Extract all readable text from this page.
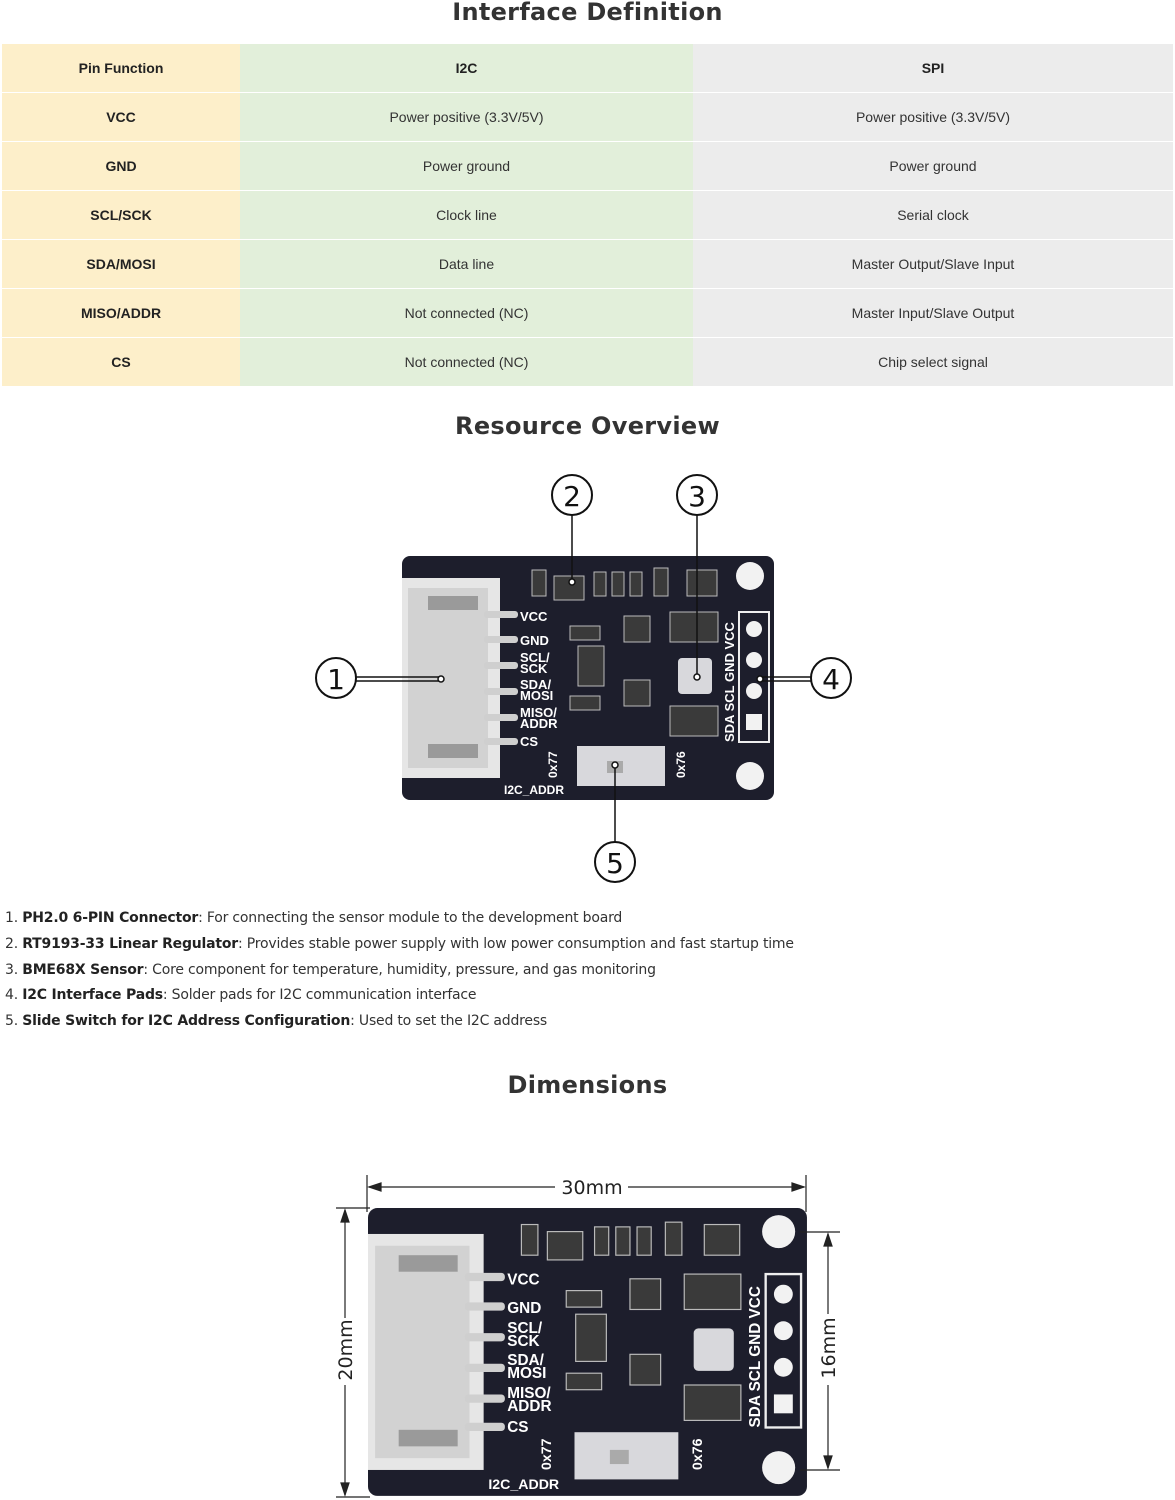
Interface Definition
Pin Function	I2C	SPI
VCC	Power positive (3.3V/5V)	Power positive (3.3V/5V)
GND	Power ground	Power ground
SCL/SCK	Clock line	Serial clock
SDA/MOSI	Data line	Master Output/Slave Input
MISO/ADDR	Not connected (NC)	Master Input/Slave Output
CS	Not connected (NC)	Chip select signal
Resource Overview
VCC
GND
SCL/
SCK
SDA/
MOSI
MISO/
ADDR
CS
I2C_ADDR
0x77	0x76
SDA SCL GND VCC
1
2	3
4
5
30mm
20mm	16mm
1. PH2.0 6-PIN Connector: For connecting the sensor module to the development board
2. RT9193-33 Linear Regulator: Provides stable power supply with low power consumption and fast startup time
3. BME68X Sensor: Core component for temperature, humidity, pressure, and gas monitoring
4. I2C Interface Pads: Solder pads for I2C communication interface
5. Slide Switch for I2C Address Configuration: Used to set the I2C address
Dimensions
